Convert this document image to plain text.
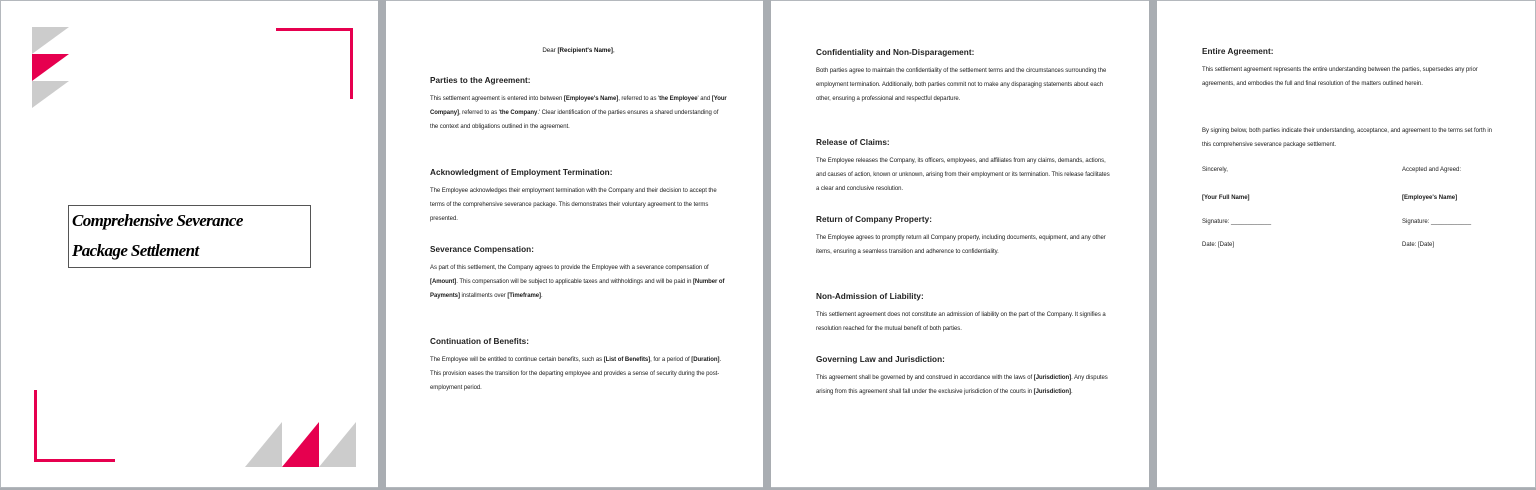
Comprehensive Severance
Package Settlement
Dear [Recipient's Name],
Parties to the Agreement:

This settlement agreement is entered into between [Employee's Name], referred to as 'the Employee' and [Your Company], referred to as 'the Company.' Clear identification of the parties ensures a shared understanding of the context and obligations outlined in the agreement.

Acknowledgment of Employment Termination:

The Employee acknowledges their employment termination with the Company and their decision to accept the terms of the comprehensive severance package. This demonstrates their voluntary agreement to the terms presented.

Severance Compensation:

As part of this settlement, the Company agrees to provide the Employee with a severance compensation of [Amount]. This compensation will be subject to applicable taxes and withholdings and will be paid in [Number of Payments] installments over [Timeframe].

Continuation of Benefits:

The Employee will be entitled to continue certain benefits, such as [List of Benefits], for a period of [Duration]. This provision eases the transition for the departing employee and provides a sense of security during the post-employment period.

Confidentiality and Non-Disparagement:

Both parties agree to maintain the confidentiality of the settlement terms and the circumstances surrounding the employment termination. Additionally, both parties commit not to make any disparaging statements about each other, ensuring a professional and respectful departure.

Release of Claims:

The Employee releases the Company, its officers, employees, and affiliates from any claims, demands, actions, and causes of action, known or unknown, arising from their employment or its termination. This release facilitates a clear and conclusive resolution.

Return of Company Property:

The Employee agrees to promptly return all Company property, including documents, equipment, and any other items, ensuring a seamless transition and adherence to confidentiality.

Non-Admission of Liability:

This settlement agreement does not constitute an admission of liability on the part of the Company. It signifies a resolution reached for the mutual benefit of both parties.

Governing Law and Jurisdiction:

This agreement shall be governed by and construed in accordance with the laws of [Jurisdiction]. Any disputes arising from this agreement shall fall under the exclusive jurisdiction of the courts in [Jurisdiction].

Entire Agreement:

This settlement agreement represents the entire understanding between the parties, supersedes any prior agreements, and embodies the full and final resolution of the matters outlined herein.

By signing below, both parties indicate their understanding, acceptance, and agreement to the terms set forth in this comprehensive severance package settlement.

Sincerely,
[Your Full Name]
Signature: ____________
Date: [Date]
Accepted and Agreed:
[Employee's Name]
Signature: ____________
Date: [Date]
